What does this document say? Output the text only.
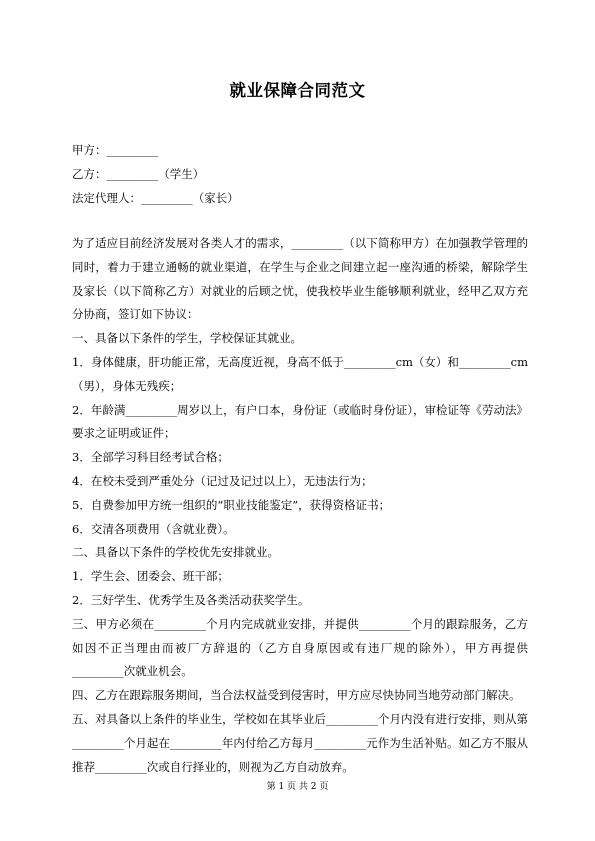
就业保障合同范文
甲方：_________
乙方：_________（学生）
法定代理人：_________（家长）

为了适应目前经济发展对各类人才的需求，_________（以下简称甲方）在加强教学管理的同时，着力于建立通畅的就业渠道，在学生与企业之间建立起一座沟通的桥梁，解除学生及家长（以下简称乙方）对就业的后顾之忧，使我校毕业生能够顺利就业，经甲乙双方充分协商，签订如下协议：

一、具备以下条件的学生，学校保证其就业。

1．身体健康，肝功能正常，无高度近视，身高不低于_________cm（女）和_________cm（男），身体无残疾；

2．年龄满_________周岁以上，有户口本，身份证（或临时身份证），审检证等《劳动法》要求之证明或证件；

3．全部学习科目经考试合格；

4．在校未受到严重处分（记过及记过以上），无违法行为；

5．自费参加甲方统一组织的“职业技能鉴定”，获得资格证书；

6．交清各项费用（含就业费）。

二、具备以下条件的学校优先安排就业。

1．学生会、团委会、班干部；

2．三好学生、优秀学生及各类活动获奖学生。

三、甲方必须在_________个月内完成就业安排，并提供_________个月的跟踪服务，乙方如因不正当理由而被厂方辞退的（乙方自身原因或有违厂规的除外），甲方再提供_________次就业机会。

四、乙方在跟踪服务期间，当合法权益受到侵害时，甲方应尽快协同当地劳动部门解决。

五、对具备以上条件的毕业生，学校如在其毕业后_________个月内没有进行安排，则从第_________个月起在_________年内付给乙方每月_________元作为生活补贴。如乙方不服从推荐_________次或自行择业的，则视为乙方自动放弃。

第 1 页 共 2 页
